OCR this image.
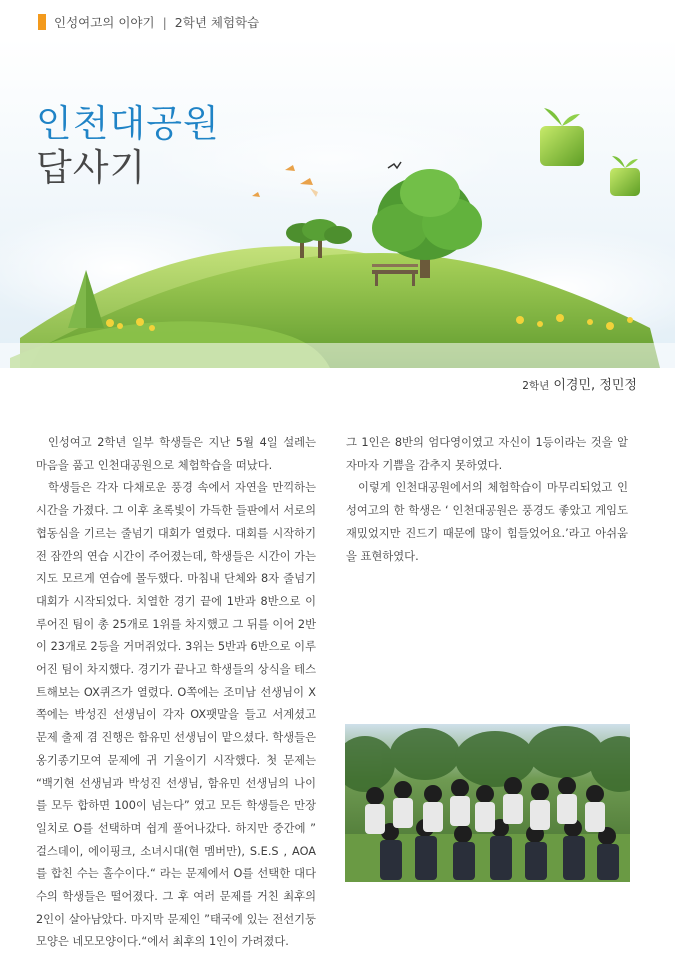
인성여고의 이야기 | 2학년 체험학습
인천대공원
답사기
2학년 이경민, 정민정

인성여고 2학년 일부 학생들은 지난 5월 4일 설레는 마음을 품고 인천대공원으로 체험학습을 떠났다.

학생들은 각자 다채로운 풍경 속에서 자연을 만끽하는 시간을 가졌다. 그 이후 초록빛이 가득한 들판에서 서로의 협동심을 기르는 줄넘기 대회가 열렸다. 대회를 시작하기 전 잠깐의 연습 시간이 주어졌는데, 학생들은 시간이 가는지도 모르게 연습에 몰두했다. 마침내 단체와 8자 줄넘기 대회가 시작되었다. 치열한 경기 끝에 1반과 8반으로 이루어진 팀이 총 25개로 1위를 차지했고 그 뒤를 이어 2반이 23개로 2등을 거머쥐었다. 3위는 5반과 6반으로 이루어진 팀이 차지했다. 경기가 끝나고 학생들의 상식을 테스트해보는 OX퀴즈가 열렸다. O쪽에는 조미남 선생님이 X쪽에는 박성진 선생님이 각자 OX팻말을 들고 서계셨고 문제 출제 겸 진행은 함유민 선생님이 맡으셨다. 학생들은 옹기종기모여 문제에 귀 기울이기 시작했다. 첫 문제는 “백기현 선생님과 박성진 선생님, 함유민 선생님의 나이를 모두 합하면 100이 넘는다” 였고 모든 학생들은 만장일치로 O를 선택하며 쉽게 풀어나갔다. 하지만 중간에 ” 걸스데이, 에이핑크, 소녀시대(현 멤버만), S.E.S , AOA를 합친 수는 홀수이다.“ 라는 문제에서 O를 선택한 대다수의 학생들은 떨어졌다. 그 후 여러 문제를 거친 최후의 2인이 살아남았다. 마지막 문제인 ”태국에 있는 전선기둥 모양은 네모모양이다.“에서 최후의 1인이 가려졌다.

그 1인은 8반의 엄다영이였고 자신이 1등이라는 것을 알자마자 기쁨을 감추지 못하였다.

이렇게 인천대공원에서의 체험학습이 마무리되었고 인성여고의 한 학생은 ‘ 인천대공원은 풍경도 좋았고 게임도 재밌었지만 진드기 때문에 많이 힘들었어요.’라고 아쉬움을 표현하였다.
